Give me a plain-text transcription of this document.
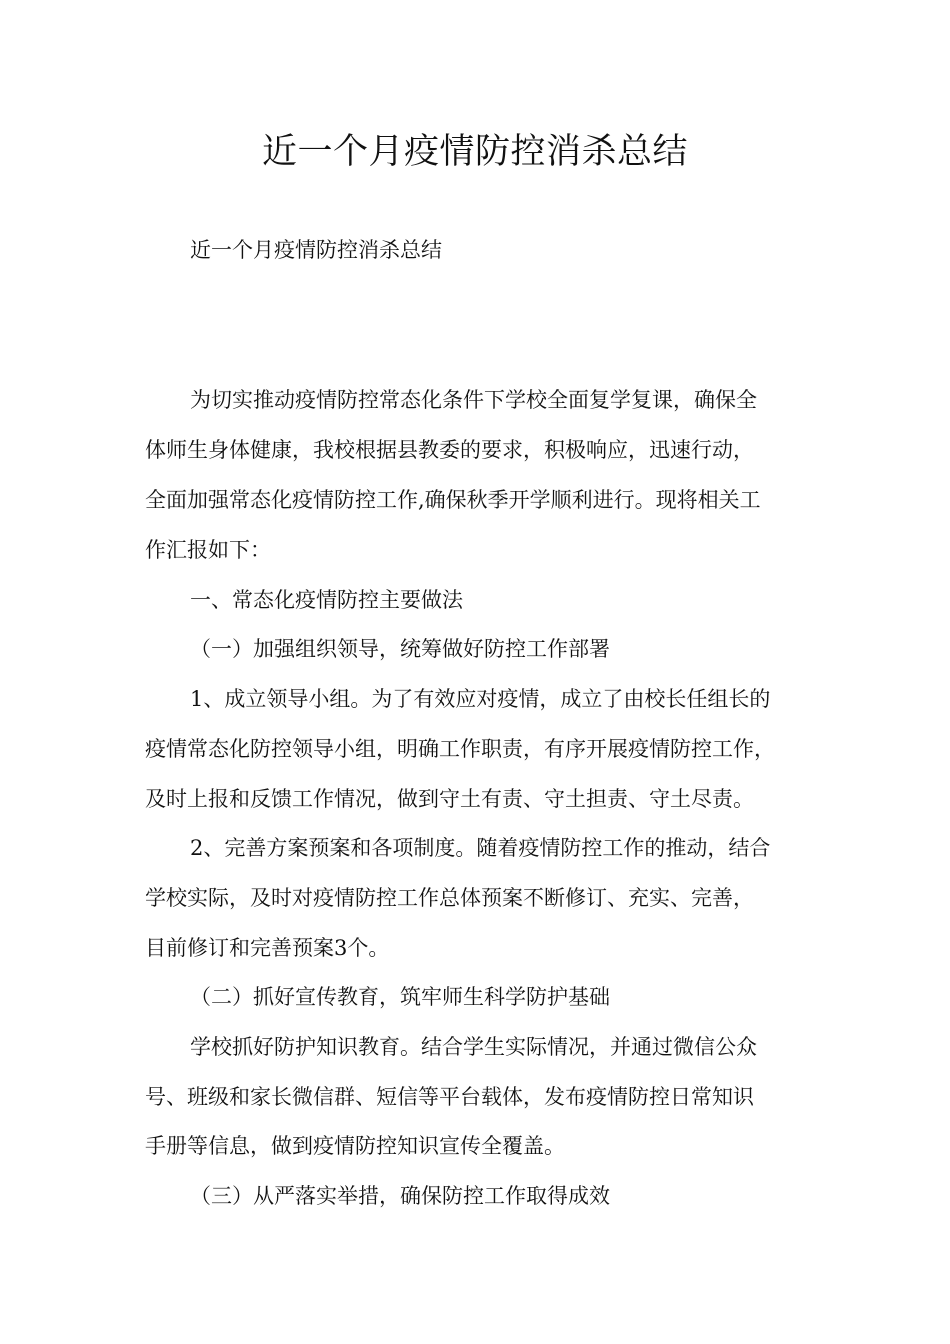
近一个月疫情防控消杀总结
近一个月疫情防控消杀总结
为切实推动疫情防控常态化条件下学校全面复学复课，确保全
体师生身体健康，我校根据县教委的要求，积极响应，迅速行动，
全面加强常态化疫情防控工作,确保秋季开学顺利进行。现将相关工
作汇报如下：
一、常态化疫情防控主要做法
（一）加强组织领导，统筹做好防控工作部署
1、成立领导小组。为了有效应对疫情，成立了由校长任组长的
疫情常态化防控领导小组，明确工作职责，有序开展疫情防控工作，
及时上报和反馈工作情况，做到守土有责、守土担责、守土尽责。
2、完善方案预案和各项制度。随着疫情防控工作的推动，结合
学校实际，及时对疫情防控工作总体预案不断修订、充实、完善，
目前修订和完善预案3个。
（二）抓好宣传教育，筑牢师生科学防护基础
学校抓好防护知识教育。结合学生实际情况，并通过微信公众
号、班级和家长微信群、短信等平台载体，发布疫情防控日常知识
手册等信息，做到疫情防控知识宣传全覆盖。
（三）从严落实举措，确保防控工作取得成效
